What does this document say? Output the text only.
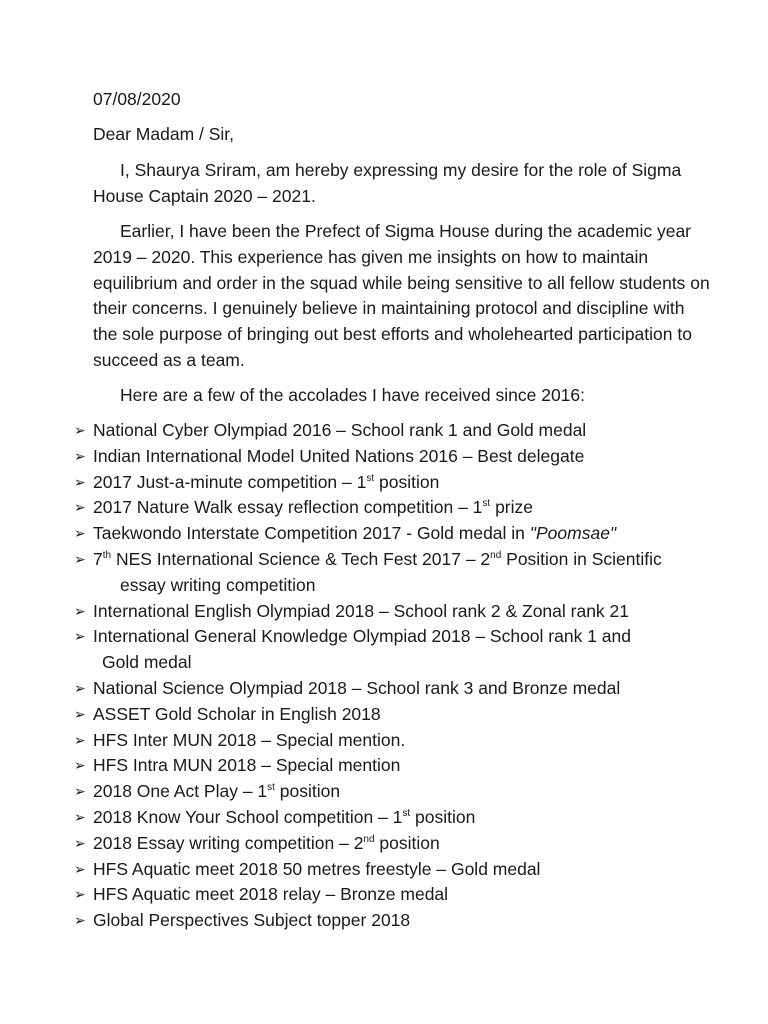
07/08/2020
Dear Madam / Sir,

I, Shaurya Sriram, am hereby expressing my desire for the role of Sigma House Captain 2020 – 2021.

Earlier, I have been the Prefect of Sigma House during the academic year 2019 – 2020. This experience has given me insights on how to maintain equilibrium and order in the squad while being sensitive to all fellow students on their concerns. I genuinely believe in maintaining protocol and discipline with the sole purpose of bringing out best efforts and wholehearted participation to succeed as a team.

Here are a few of the accolades I have received since 2016:

➢ National Cyber Olympiad 2016 – School rank 1 and Gold medal
➢ Indian International Model United Nations 2016 – Best delegate
➢ 2017 Just-a-minute competition – 1st position
➢ 2017 Nature Walk essay reflection competition – 1st prize
➢ Taekwondo Interstate Competition 2017 - Gold medal in "Poomsae"
➢ 7th NES International Science & Tech Fest 2017 – 2nd Position in Scientific
essay writing competition
➢ International English Olympiad 2018 – School rank 2 & Zonal rank 21
➢ International General Knowledge Olympiad 2018 – School rank 1 and
Gold medal
➢ National Science Olympiad 2018 – School rank 3 and Bronze medal
➢ ASSET Gold Scholar in English 2018
➢ HFS Inter MUN 2018 – Special mention.
➢ HFS Intra MUN 2018 – Special mention
➢ 2018 One Act Play – 1st position
➢ 2018 Know Your School competition – 1st position
➢ 2018 Essay writing competition – 2nd position
➢ HFS Aquatic meet 2018 50 metres freestyle – Gold medal
➢ HFS Aquatic meet 2018 relay – Bronze medal
➢ Global Perspectives Subject topper 2018
